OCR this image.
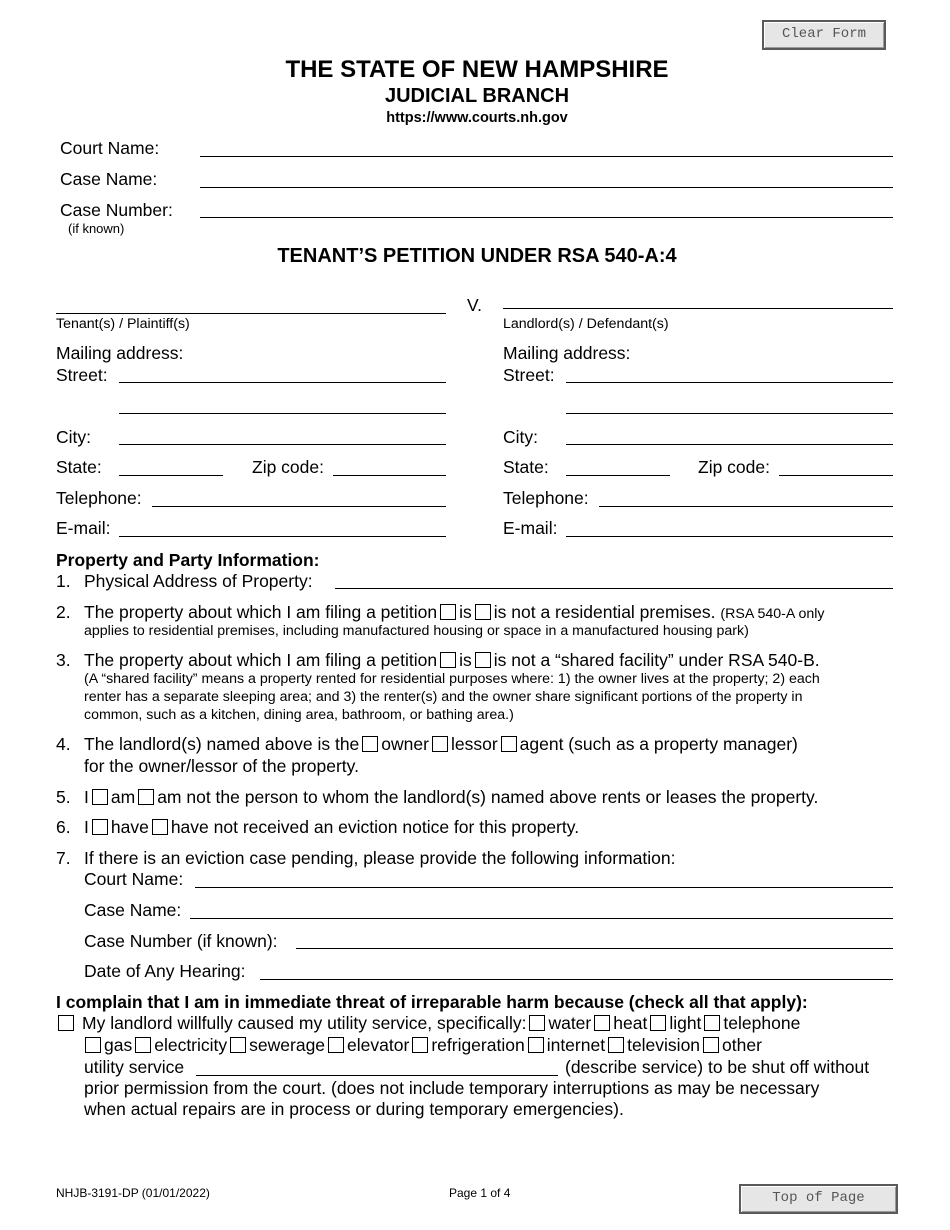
Clear Form
THE STATE OF NEW HAMPSHIRE
JUDICIAL BRANCH
https://www.courts.nh.gov
Court Name:
Case Name:
Case Number:
(if known)
TENANT’S PETITION UNDER RSA 540-A:4
V.
Tenant(s) / Plaintiff(s)	Landlord(s) / Defendant(s)
Mailing address:
Street:
City:
State:	Zip code:
Telephone:
E-mail:
Mailing address:
Street:
City:
State:	Zip code:
Telephone:
E-mail:
Property and Party Information:
1. Physical Address of Property:
2. The property about which I am filing a petition is is not a residential premises. (RSA 540-A only
applies to residential premises, including manufactured housing or space in a manufactured housing park)
3. The property about which I am filing a petition is is not a “shared facility” under RSA 540-B.
(A “shared facility” means a property rented for residential purposes where: 1) the owner lives at the property; 2) each
renter has a separate sleeping area; and 3) the renter(s) and the owner share significant portions of the property in
common, such as a kitchen, dining area, bathroom, or bathing area.)
4. The landlord(s) named above is the owner lessor agent (such as a property manager)
for the owner/lessor of the property.
5. I am am not the person to whom the landlord(s) named above rents or leases the property.
6. I have have not received an eviction notice for this property.
7. If there is an eviction case pending, please provide the following information:
Court Name:
Case Name:
Case Number (if known):
Date of Any Hearing:
I complain that I am in immediate threat of irreparable harm because (check all that apply):
My landlord willfully caused my utility service, specifically: water heat light telephone
gas electricity sewerage elevator refrigeration internet television other
utility service	(describe service) to be shut off without
prior permission from the court. (does not include temporary interruptions as may be necessary
when actual repairs are in process or during temporary emergencies).
NHJB-3191-DP (01/01/2022)	Page 1 of 4	Top of Page
